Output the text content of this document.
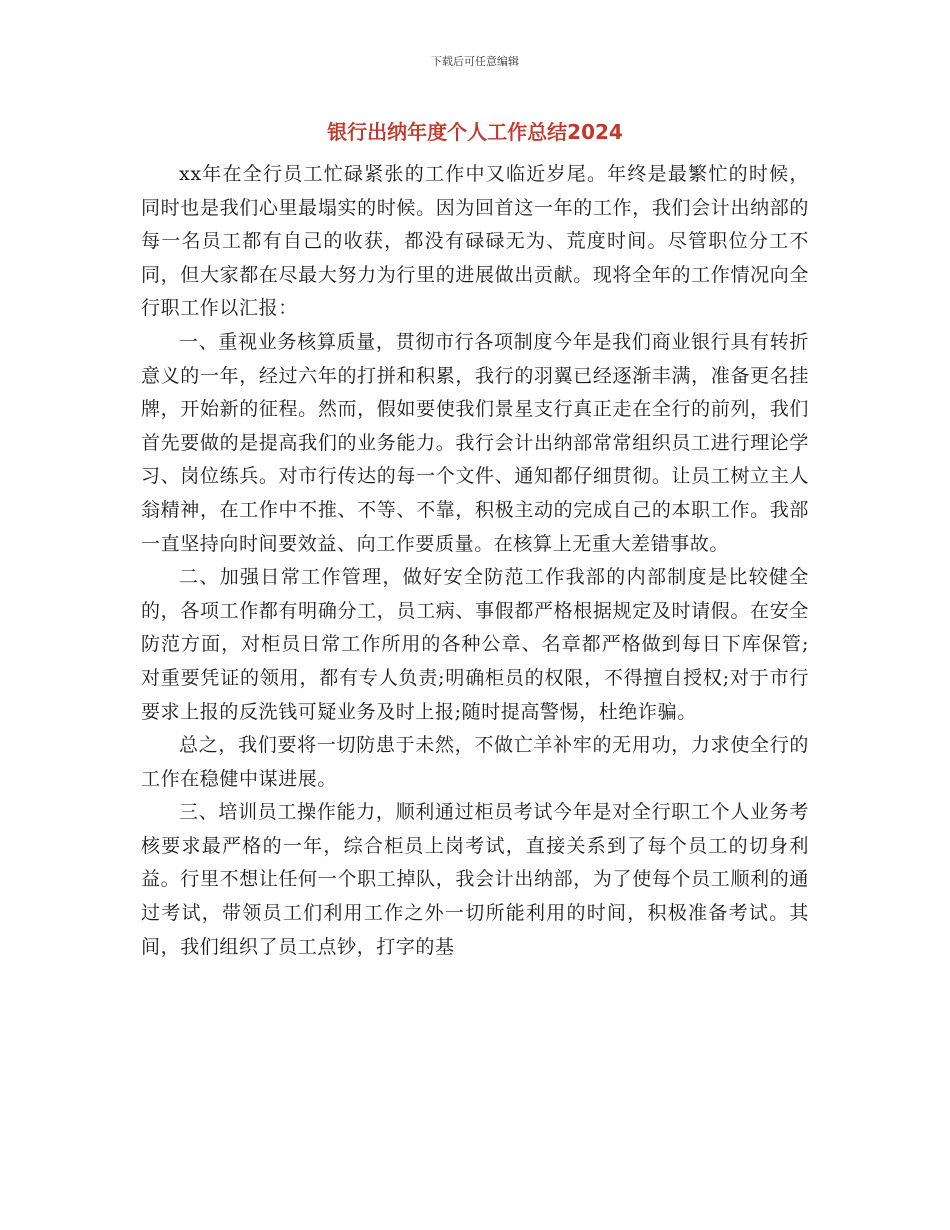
下载后可任意编辑
银行出纳年度个人工作总结2024

xx年在全行员工忙碌紧张的工作中又临近岁尾。年终是最繁忙的时候，同时也是我们心里最塌实的时候。因为回首这一年的工作，我们会计出纳部的每一名员工都有自己的收获，都没有碌碌无为、荒度时间。尽管职位分工不同，但大家都在尽最大努力为行里的进展做出贡献。现将全年的工作情况向全行职工作以汇报：

一、重视业务核算质量，贯彻市行各项制度今年是我们商业银行具有转折意义的一年，经过六年的打拼和积累，我行的羽翼已经逐渐丰满，准备更名挂牌，开始新的征程。然而，假如要使我们景星支行真正走在全行的前列，我们首先要做的是提高我们的业务能力。我行会计出纳部常常组织员工进行理论学习、岗位练兵。对市行传达的每一个文件、通知都仔细贯彻。让员工树立主人翁精神，在工作中不推、不等、不靠，积极主动的完成自己的本职工作。我部一直坚持向时间要效益、向工作要质量。在核算上无重大差错事故。

二、加强日常工作管理，做好安全防范工作我部的内部制度是比较健全的，各项工作都有明确分工，员工病、事假都严格根据规定及时请假。在安全防范方面，对柜员日常工作所用的各种公章、名章都严格做到每日下库保管;对重要凭证的领用，都有专人负责;明确柜员的权限，不得擅自授权;对于市行要求上报的反洗钱可疑业务及时上报;随时提高警惕，杜绝诈骗。

总之，我们要将一切防患于未然，不做亡羊补牢的无用功，力求使全行的工作在稳健中谋进展。

三、培训员工操作能力，顺利通过柜员考试今年是对全行职工个人业务考核要求最严格的一年，综合柜员上岗考试，直接关系到了每个员工的切身利益。行里不想让任何一个职工掉队，我会计出纳部，为了使每个员工顺利的通过考试，带领员工们利用工作之外一切所能利用的时间，积极准备考试。其间，我们组织了员工点钞，打字的基
